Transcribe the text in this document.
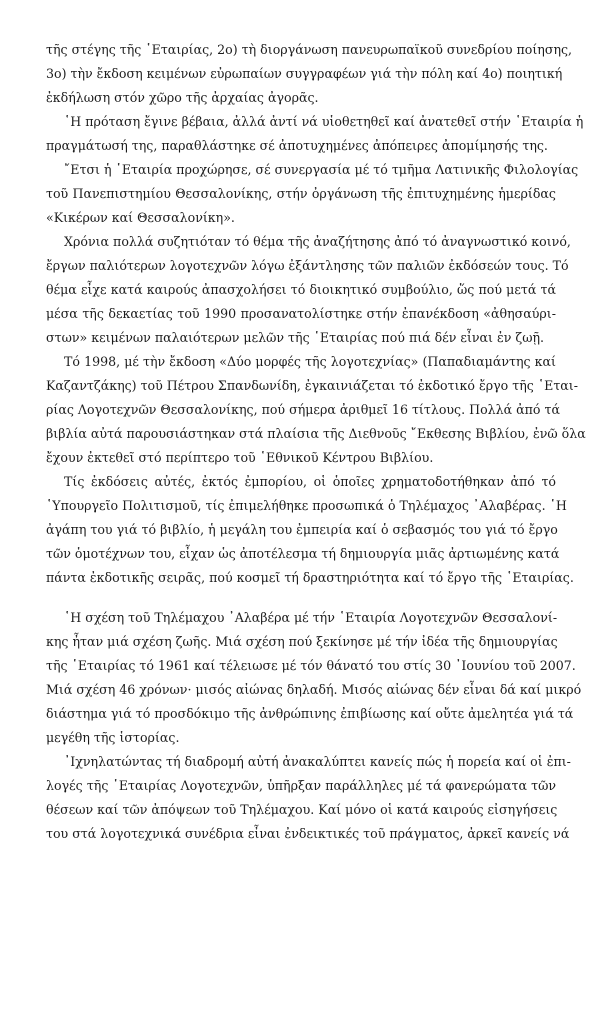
τῆς στέγης τῆς ῾Εταιρίας, 2ο) τὴ διοργάνωση πανευρωπαϊκοῦ συνεδρίου ποίησης,
3ο) τὴν ἔκδοση κειμένων εὐρωπαίων συγγραφέων γιά τὴν πόλη καί 4ο) ποιητική
ἐκδήλωση στόν χῶρο τῆς ἀρχαίας ἀγορᾶς.
῾Η πρόταση ἔγινε βέβαια, ἀλλά ἀντί νά υἱοθετηθεῖ καί ἀνατεθεῖ στήν ῾Εταιρία ἡ
πραγμάτωσή της, παραθλάστηκε σέ ἀποτυχημένες ἀπόπειρες ἀπομίμησής της.
῎Ετσι ἡ ῾Εταιρία προχώρησε, σέ συνεργασία μέ τό τμῆμα Λατινικῆς Φιλολογίας
τοῦ Πανεπιστημίου Θεσσαλονίκης, στήν ὀργάνωση τῆς ἐπιτυχημένης ἡμερίδας
«Κικέρων καί Θεσσαλονίκη».
Χρόνια πολλά συζητιόταν τό θέμα τῆς ἀναζήτησης ἀπό τό ἀναγνωστικό κοινό,
ἔργων παλιότερων λογοτεχνῶν λόγω ἐξάντλησης τῶν παλιῶν ἐκδόσεών τους. Τό
θέμα εἶχε κατά καιρούς ἀπασχολήσει τό διοικητικό συμβούλιο, ὥς πού μετά τά
μέσα τῆς δεκαετίας τοῦ 1990 προσανατολίστηκε στήν ἐπανέκδοση «ἀθησαύρι-
στων» κειμένων παλαιότερων μελῶν τῆς ῾Εταιρίας πού πιά δέν εἶναι ἐν ζωῇ.
Τό 1998, μέ τὴν ἔκδοση «Δύο μορφές τῆς λογοτεχνίας» (Παπαδιαμάντης καί
Καζαντζάκης) τοῦ Πέτρου Σπανδωνίδη, ἐγκαινιάζεται τό ἐκδοτικό ἔργο τῆς ῾Εται-
ρίας Λογοτεχνῶν Θεσσαλονίκης, πού σήμερα ἀριθμεῖ 16 τίτλους. Πολλά ἀπό τά
βιβλία αὐτά παρουσιάστηκαν στά πλαίσια τῆς Διεθνοῦς ῎Εκθεσης Βιβλίου, ἐνῶ ὅλα
ἔχουν ἐκτεθεῖ στό περίπτερο τοῦ ῾Εθνικοῦ Κέντρου Βιβλίου.
Τίς ἐκδόσεις αὐτές, ἐκτός ἐμπορίου, οἱ ὁποῖες χρηματοδοτήθηκαν ἀπό τό
῾Υπουργεῖο Πολιτισμοῦ, τίς ἐπιμελήθηκε προσωπικά ὁ Τηλέμαχος ᾿Αλαβέρας. ῾Η
ἀγάπη του γιά τό βιβλίο, ἡ μεγάλη του ἐμπειρία καί ὁ σεβασμός του γιά τό ἔργο
τῶν ὁμοτέχνων του, εἶχαν ὡς ἀποτέλεσμα τή δημιουργία μιᾶς ἀρτιωμένης κατά
πάντα ἐκδοτικῆς σειρᾶς, πού κοσμεῖ τή δραστηριότητα καί τό ἔργο τῆς ῾Εταιρίας.
῾Η σχέση τοῦ Τηλέμαχου ᾿Αλαβέρα μέ τήν ῾Εταιρία Λογοτεχνῶν Θεσσαλονί-
κης ἦταν μιά σχέση ζωῆς. Μιά σχέση πού ξεκίνησε μέ τήν ἰδέα τῆς δημιουργίας
τῆς ῾Εταιρίας τό 1961 καί τέλειωσε μέ τόν θάνατό του στίς 30 ᾿Ιουνίου τοῦ 2007.
Μιά σχέση 46 χρόνων· μισός αἰώνας δηλαδή. Μισός αἰώνας δέν εἶναι δά καί μικρό
διάστημα γιά τό προσδόκιμο τῆς ἀνθρώπινης ἐπιβίωσης καί οὔτε ἀμελητέα γιά τά
μεγέθη τῆς ἱστορίας.
᾿Ιχνηλατώντας τή διαδρομή αὐτή ἀνακαλύπτει κανείς πώς ἡ πορεία καί οἱ ἐπι-
λογές τῆς ῾Εταιρίας Λογοτεχνῶν, ὑπῆρξαν παράλληλες μέ τά φανερώματα τῶν
θέσεων καί τῶν ἀπόψεων τοῦ Τηλέμαχου. Καί μόνο οἱ κατά καιρούς εἰσηγήσεις
του στά λογοτεχνικά συνέδρια εἶναι ἐνδεικτικές τοῦ πράγματος, ἀρκεῖ κανείς νά
